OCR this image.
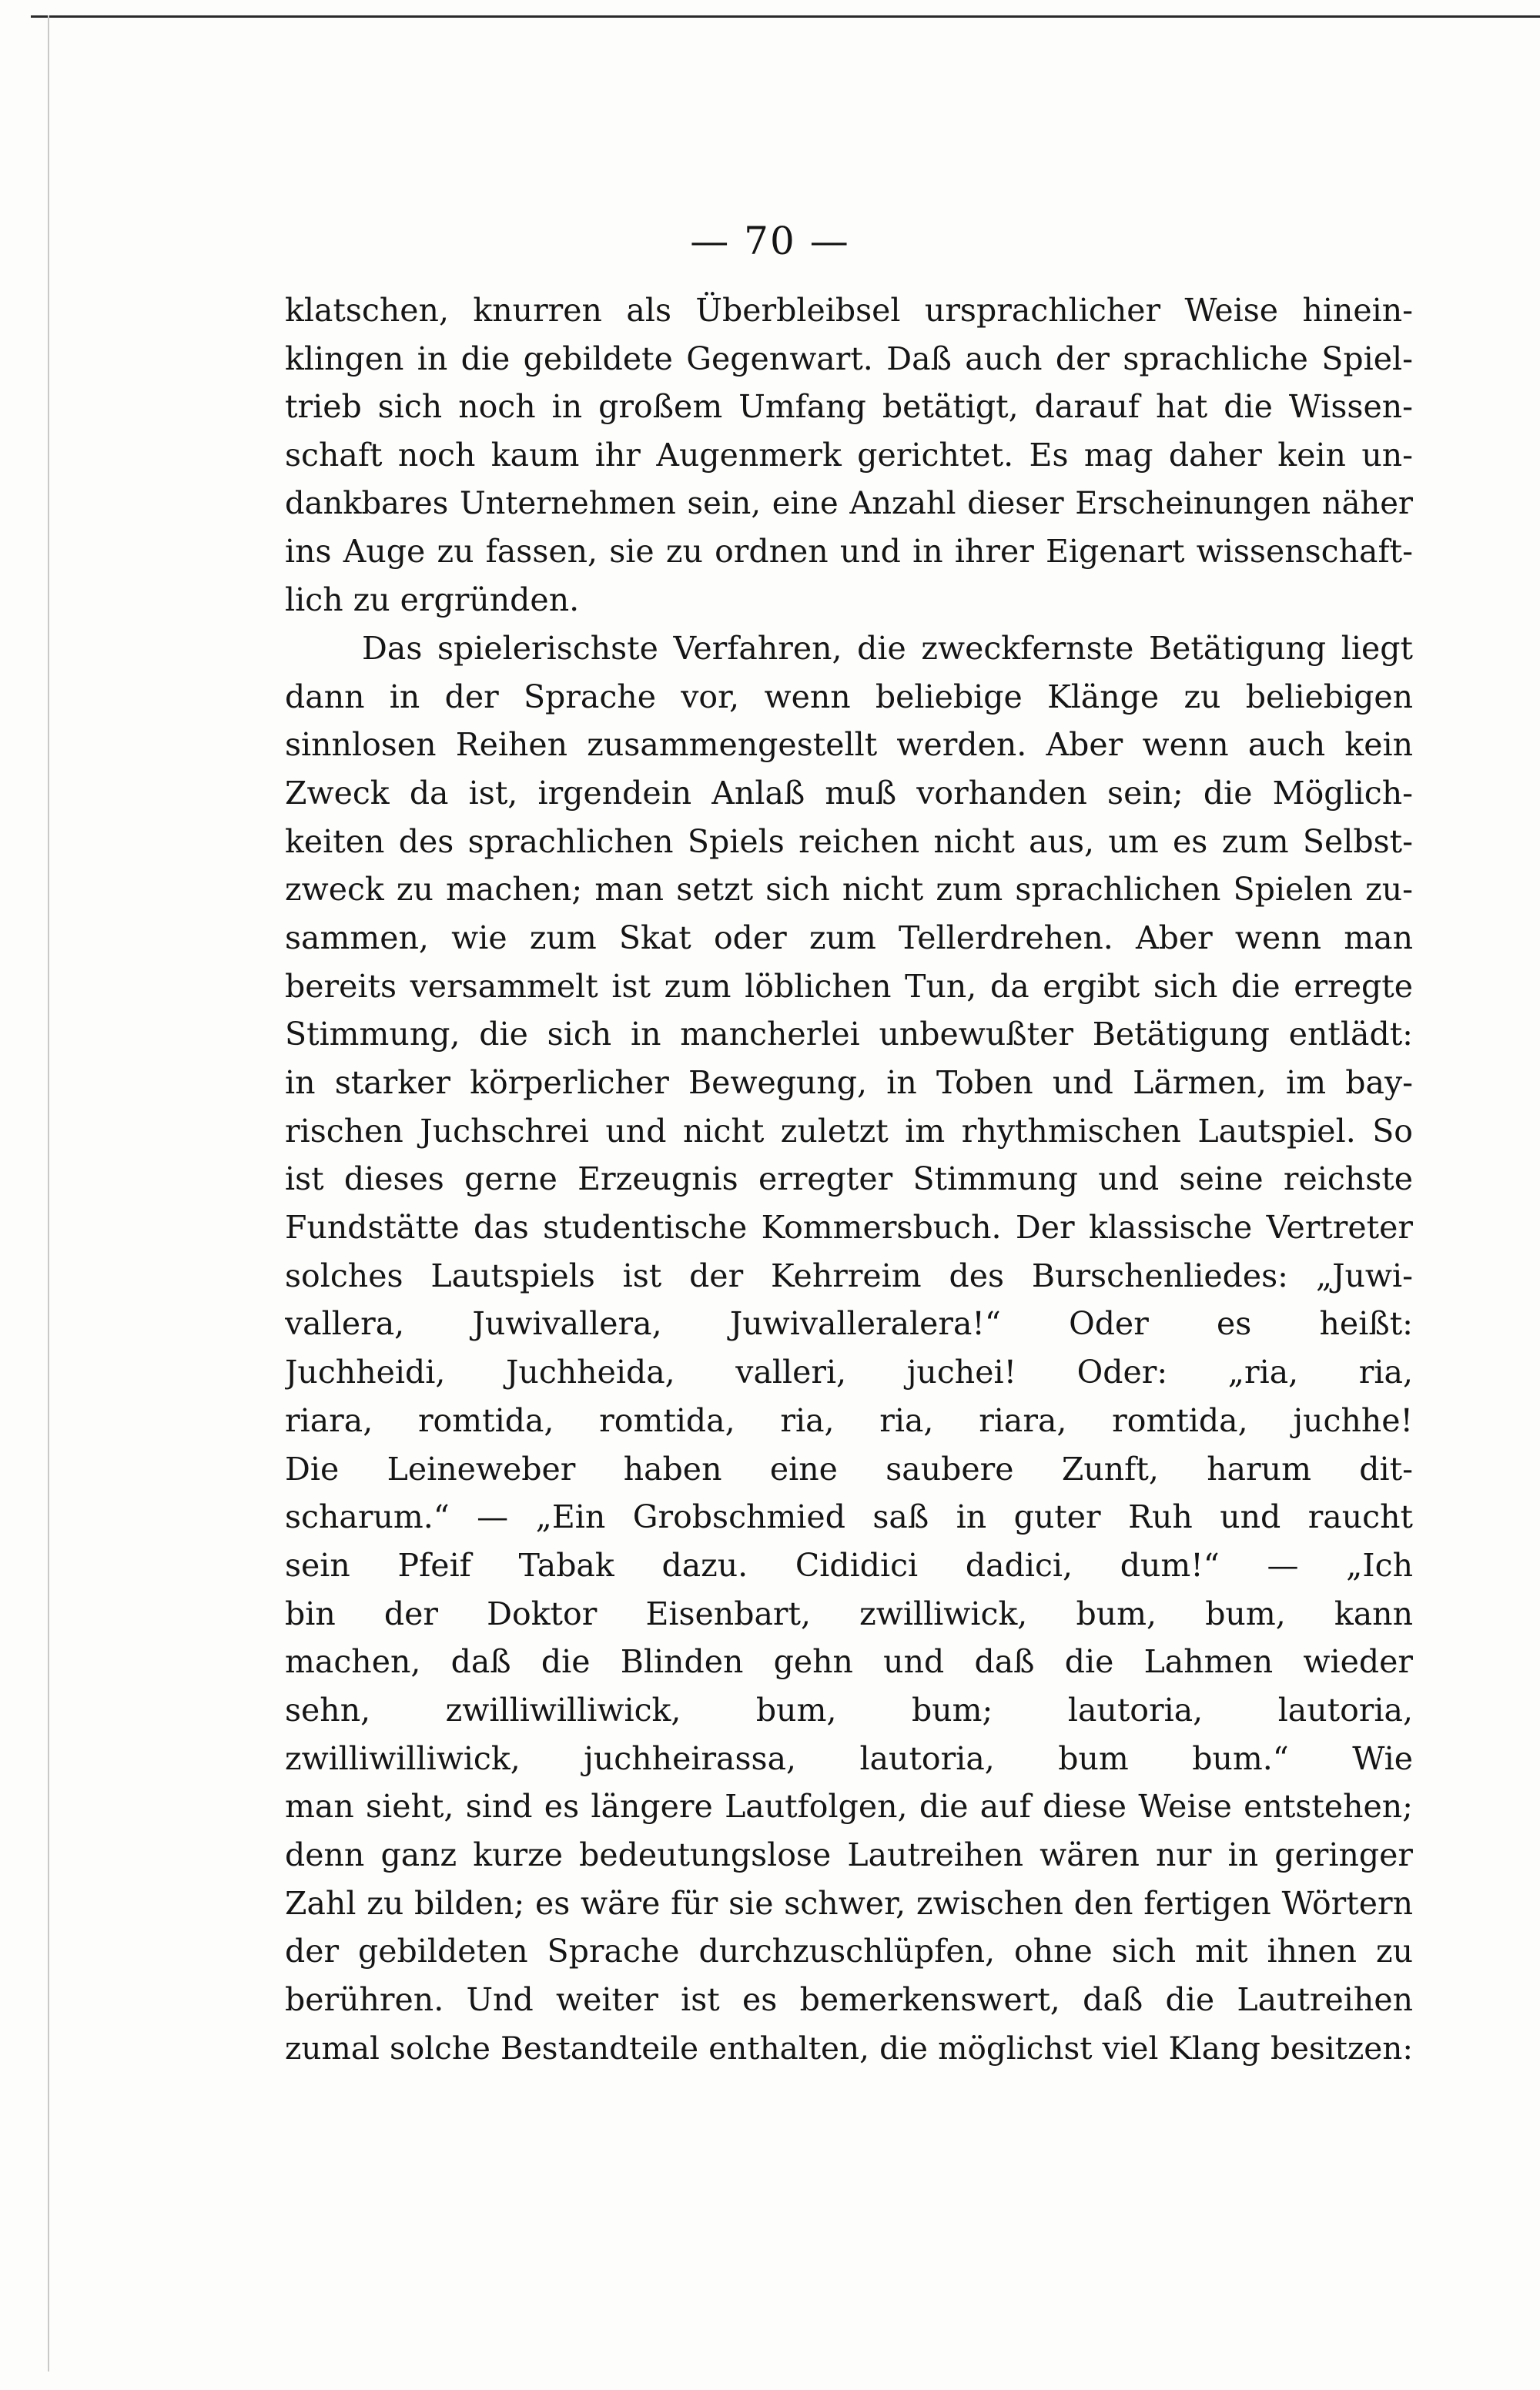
— 70 —
klatschen, knurren als Überbleibsel ursprachlicher Weise hinein-
klingen in die gebildete Gegenwart. Daß auch der sprachliche Spiel-
trieb sich noch in großem Umfang betätigt, darauf hat die Wissen-
schaft noch kaum ihr Augenmerk gerichtet. Es mag daher kein un-
dankbares Unternehmen sein, eine Anzahl dieser Erscheinungen näher
ins Auge zu fassen, sie zu ordnen und in ihrer Eigenart wissenschaft-
lich zu ergründen.
Das spielerischste Verfahren, die zweckfernste Betätigung liegt
dann in der Sprache vor, wenn beliebige Klänge zu beliebigen
sinnlosen Reihen zusammengestellt werden. Aber wenn auch kein
Zweck da ist, irgendein Anlaß muß vorhanden sein; die Möglich-
keiten des sprachlichen Spiels reichen nicht aus, um es zum Selbst-
zweck zu machen; man setzt sich nicht zum sprachlichen Spielen zu-
sammen, wie zum Skat oder zum Tellerdrehen. Aber wenn man
bereits versammelt ist zum löblichen Tun, da ergibt sich die erregte
Stimmung, die sich in mancherlei unbewußter Betätigung entlädt:
in starker körperlicher Bewegung, in Toben und Lärmen, im bay-
rischen Juchschrei und nicht zuletzt im rhythmischen Lautspiel. So
ist dieses gerne Erzeugnis erregter Stimmung und seine reichste
Fundstätte das studentische Kommersbuch. Der klassische Vertreter
solches Lautspiels ist der Kehrreim des Burschenliedes: „Juwi-
vallera, Juwivallera, Juwivalleralera!“ Oder es heißt:
Juchheidi, Juchheida, valleri, juchei! Oder: „ria, ria,
riara, romtida, romtida, ria, ria, riara, romtida, juchhe!
Die Leineweber haben eine saubere Zunft, harum dit-
scharum.“ — „Ein Grobschmied saß in guter Ruh und raucht
sein Pfeif Tabak dazu. Cididici dadici, dum!“ — „Ich
bin der Doktor Eisenbart, zwilliwick, bum, bum, kann
machen, daß die Blinden gehn und daß die Lahmen wieder
sehn, zwilliwilliwick, bum, bum; lautoria, lautoria,
zwilliwilliwick, juchheirassa, lautoria, bum bum.“ Wie
man sieht, sind es längere Lautfolgen, die auf diese Weise entstehen;
denn ganz kurze bedeutungslose Lautreihen wären nur in geringer
Zahl zu bilden; es wäre für sie schwer, zwischen den fertigen Wörtern
der gebildeten Sprache durchzuschlüpfen, ohne sich mit ihnen zu
berühren. Und weiter ist es bemerkenswert, daß die Lautreihen
zumal solche Bestandteile enthalten, die möglichst viel Klang besitzen:
